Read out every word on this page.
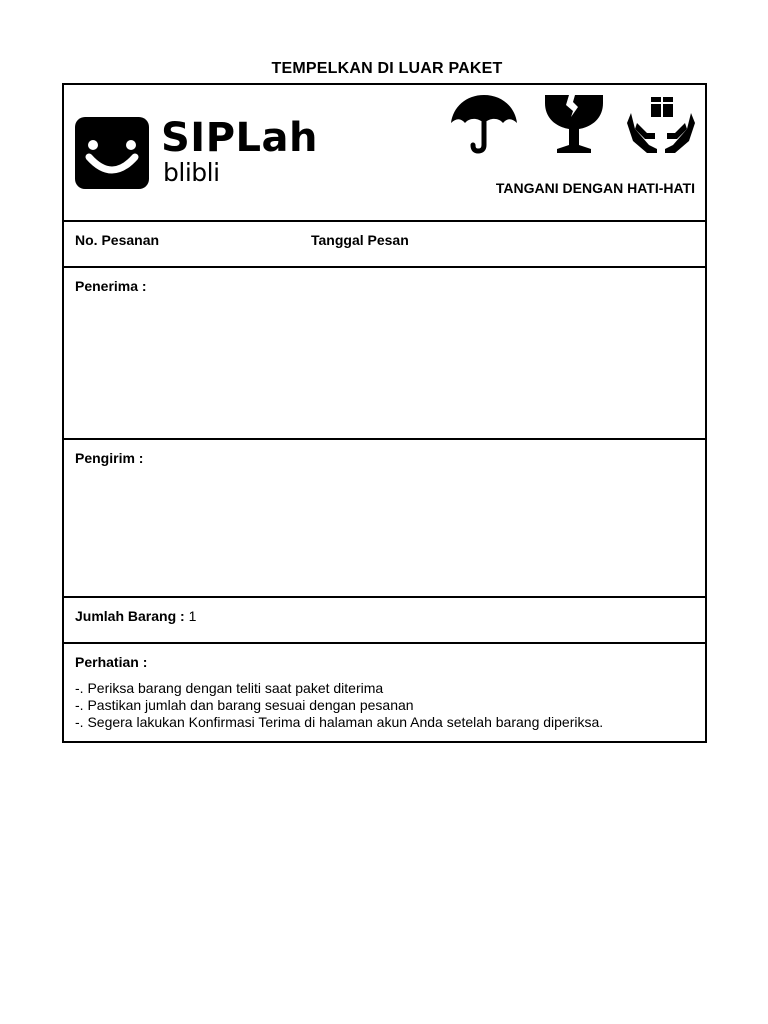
TEMPELKAN DI LUAR PAKET
SIPLah
blibli
TANGANI DENGAN HATI-HATI
No. Pesanan	Tanggal Pesan
Penerima :
Pengirim :
Jumlah Barang : 1
Perhatian :
-. Periksa barang dengan teliti saat paket diterima
-. Pastikan jumlah dan barang sesuai dengan pesanan
-. Segera lakukan Konfirmasi Terima di halaman akun Anda setelah barang diperiksa.
